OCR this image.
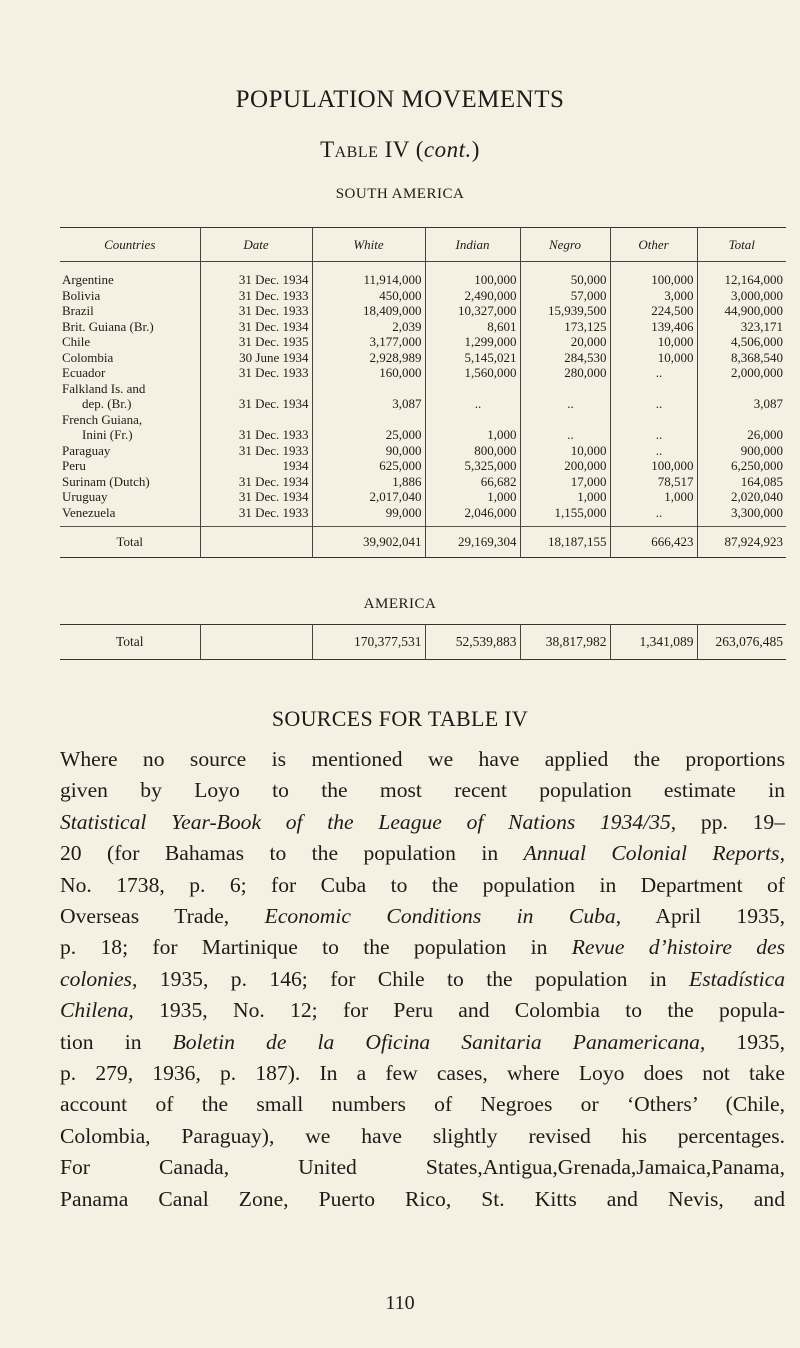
POPULATION MOVEMENTS
Table IV (cont.)
SOUTH AMERICA
Countries	Date	White	Indian	Negro	Other	Total
Argentine	31 Dec. 1934	11,914,000	100,000	50,000	100,000	12,164,000
Bolivia	31 Dec. 1933	450,000	2,490,000	57,000	3,000	3,000,000
Brazil	31 Dec. 1933	18,409,000	10,327,000	15,939,500	224,500	44,900,000
Brit. Guiana (Br.)	31 Dec. 1934	2,039	8,601	173,125	139,406	323,171
Chile	31 Dec. 1935	3,177,000	1,299,000	20,000	10,000	4,506,000
Colombia	30 June 1934	2,928,989	5,145,021	284,530	10,000	8,368,540
Ecuador	31 Dec. 1933	160,000	1,560,000	280,000	..	2,000,000
Falkland Is. and						
dep. (Br.)	31 Dec. 1934	3,087	..	..	..	3,087
French Guiana,						
Inini (Fr.)	31 Dec. 1933	25,000	1,000	..	..	26,000
Paraguay	31 Dec. 1933	90,000	800,000	10,000	..	900,000
Peru	1934	625,000	5,325,000	200,000	100,000	6,250,000
Surinam (Dutch)	31 Dec. 1934	1,886	66,682	17,000	78,517	164,085
Uruguay	31 Dec. 1934	2,017,040	1,000	1,000	1,000	2,020,040
Venezuela	31 Dec. 1933	99,000	2,046,000	1,155,000	..	3,300,000
Total		39,902,041	29,169,304	18,187,155	666,423	87,924,923
AMERICA
Total		170,377,531	52,539,883	38,817,982	1,341,089	263,076,485
SOURCES FOR TABLE IV
Where no source is mentioned we have applied the proportions
given by Loyo to the most recent population estimate in
Statistical Year-Book of the League of Nations 1934/35, pp. 19–
20 (for Bahamas to the population in Annual Colonial Reports,
No. 1738, p. 6; for Cuba to the population in Department of
Overseas Trade, Economic Conditions in Cuba, April 1935,
p. 18; for Martinique to the population in Revue d’histoire des
colonies, 1935, p. 146; for Chile to the population in Estadística
Chilena, 1935, No. 12; for Peru and Colombia to the popula-
tion in Boletin de la Oficina Sanitaria Panamericana, 1935,
p. 279, 1936, p. 187). In a few cases, where Loyo does not take
account of the small numbers of Negroes or ‘Others’ (Chile,
Colombia, Paraguay), we have slightly revised his percentages.
For Canada, United States,Antigua,Grenada,Jamaica,Panama,
Panama Canal Zone, Puerto Rico, St. Kitts and Nevis, and
110
